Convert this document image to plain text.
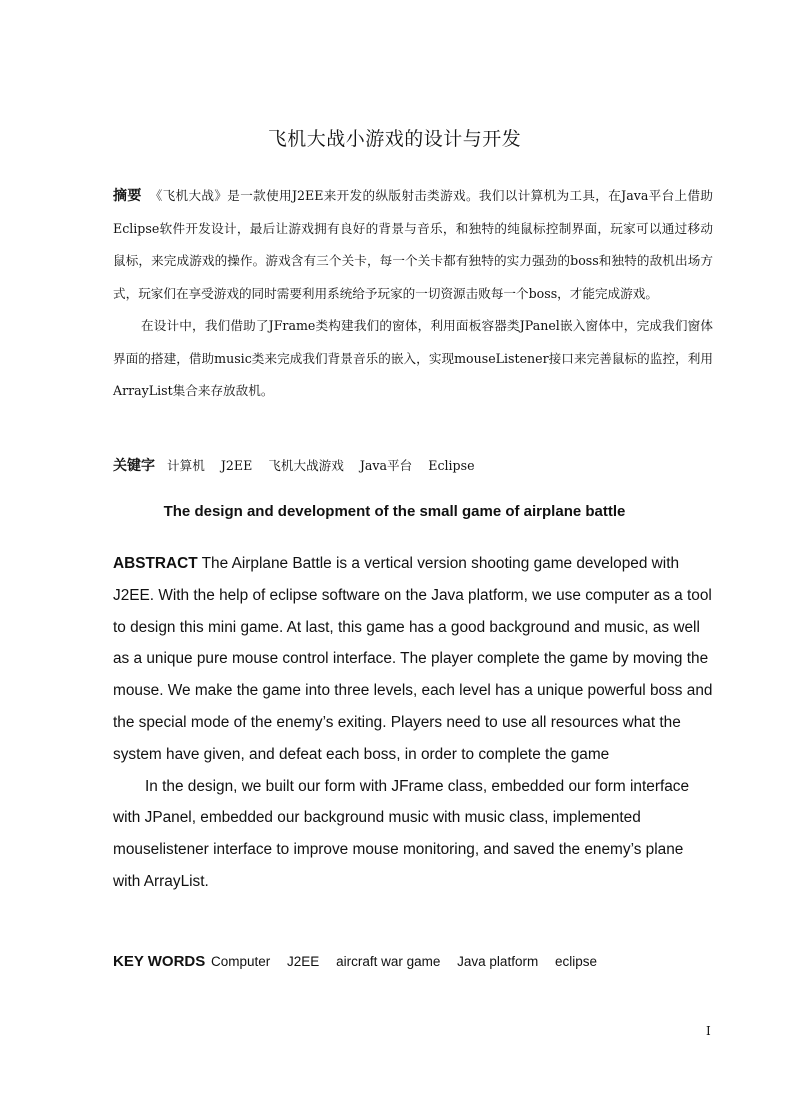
飞机大战小游戏的设计与开发

摘要 《飞机大战》是一款使用J2EE来开发的纵版射击类游戏。我们以计算机为工具，在Java平台上借助Eclipse软件开发设计，最后让游戏拥有良好的背景与音乐，和独特的纯鼠标控制界面，玩家可以通过移动鼠标，来完成游戏的操作。游戏含有三个关卡，每一个关卡都有独特的实力强劲的boss和独特的敌机出场方式，玩家们在享受游戏的同时需要利用系统给予玩家的一切资源击败每一个boss，才能完成游戏。

在设计中，我们借助了JFrame类构建我们的窗体，利用面板容器类JPanel嵌入窗体中，完成我们窗体界面的搭建，借助music类来完成我们背景音乐的嵌入，实现mouseListener接口来完善鼠标的监控，利用ArrayList集合来存放敌机。

关键字 计算机 J2EE 飞机大战游戏 Java平台 Eclipse
The design and development of the small game of airplane battle

ABSTRACT The Airplane Battle is a vertical version shooting game developed with J2EE. With the help of eclipse software on the Java platform, we use computer as a tool to design this mini game. At last, this game has a good background and music, as well as a unique pure mouse control interface. The player complete the game by moving the mouse. We make the game into three levels, each level has a unique powerful boss and the special mode of the enemy’s exiting. Players need to use all resources what the system have given, and defeat each boss, in order to complete the game

In the design, we built our form with JFrame class, embedded our form interface with JPanel, embedded our background music with music class, implemented mouselistener interface to improve mouse monitoring, and saved the enemy’s plane with ArrayList.

KEY WORDS Computer J2EE aircraft war game Java platform eclipse
I
